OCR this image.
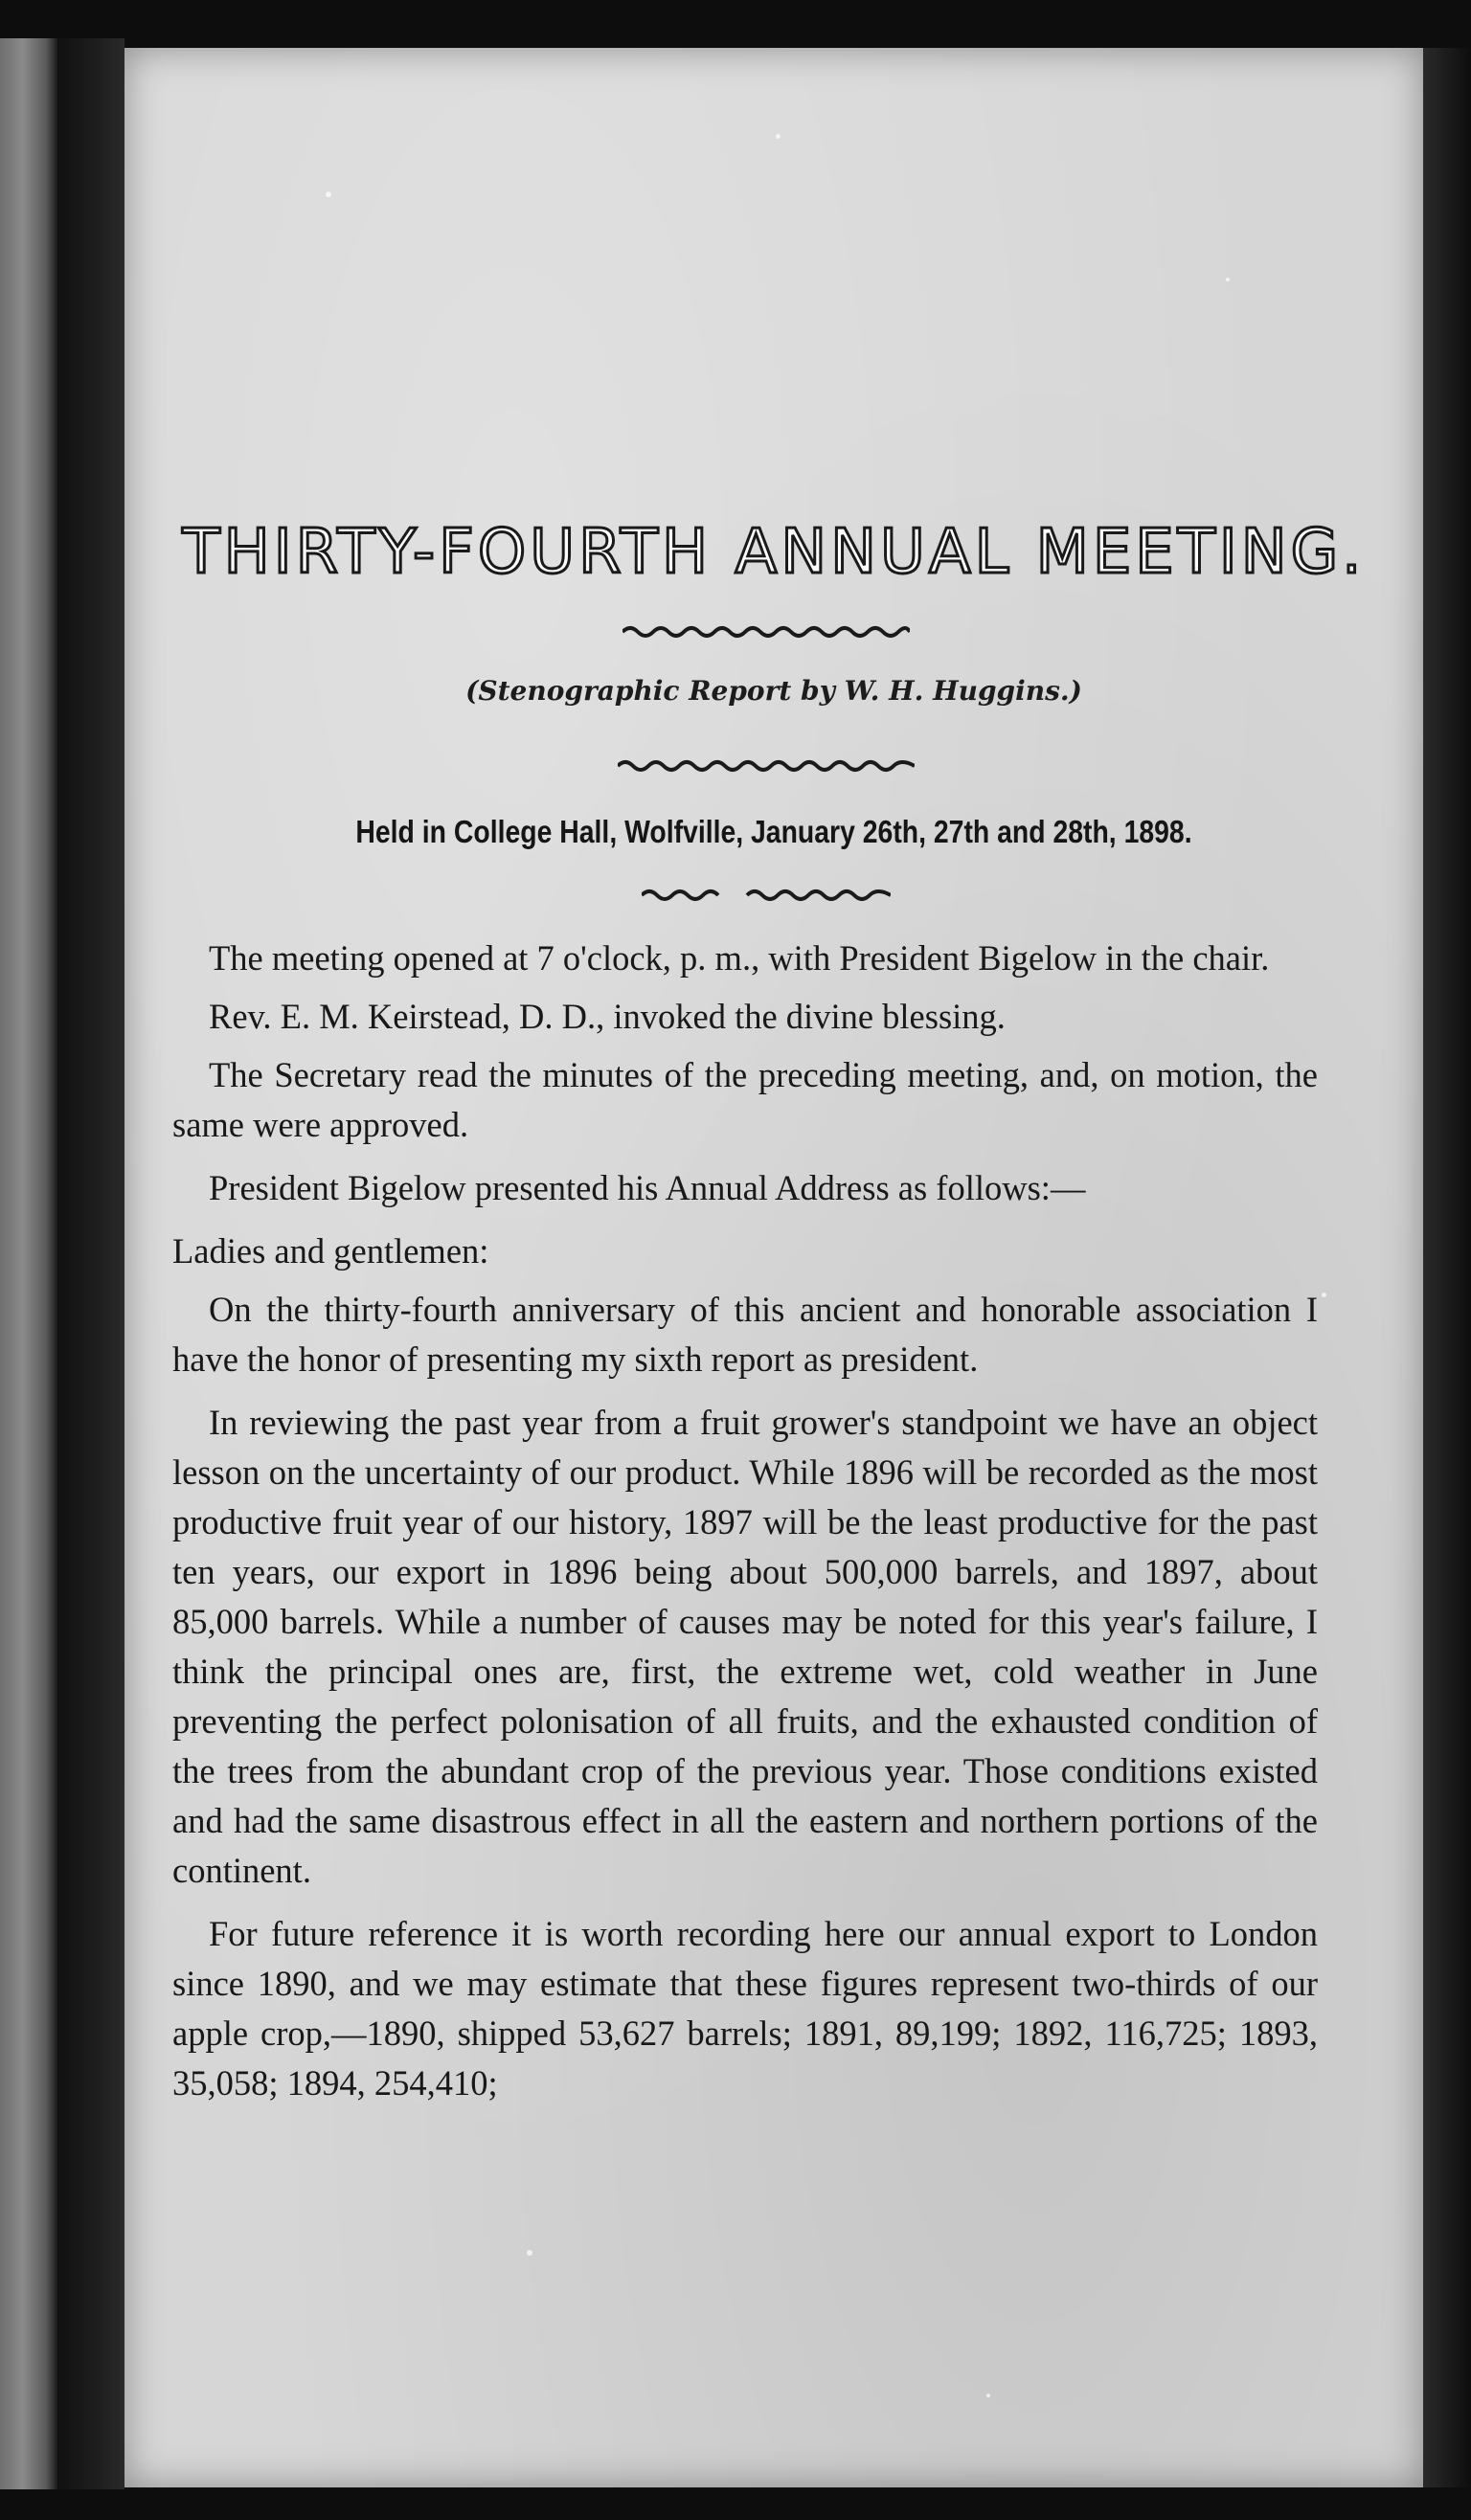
THIRTY-FOURTH ANNUAL MEETING.

(Stenographic Report by W. H. Huggins.)

Held in College Hall, Wolfville, January 26th, 27th and 28th, 1898.

The meeting opened at 7 o'clock, p. m., with President Bigelow in the chair.

Rev. E. M. Keirstead, D. D., invoked the divine blessing.

The Secretary read the minutes of the preceding meeting, and, on motion, the same were approved.

President Bigelow presented his Annual Address as follows:—

Ladies and gentlemen:

On the thirty-fourth anniversary of this ancient and honorable association I have the honor of presenting my sixth report as president.

In reviewing the past year from a fruit grower's standpoint we have an object lesson on the uncertainty of our product. While 1896 will be recorded as the most productive fruit year of our history, 1897 will be the least productive for the past ten years, our export in 1896 being about 500,000 barrels, and 1897, about 85,000 barrels. While a number of causes may be noted for this year's failure, I think the principal ones are, first, the extreme wet, cold weather in June preventing the perfect polonisation of all fruits, and the exhausted condition of the trees from the abundant crop of the previous year. Those conditions existed and had the same disastrous effect in all the eastern and northern portions of the continent.

For future reference it is worth recording here our annual export to London since 1890, and we may estimate that these figures represent two-thirds of our apple crop,—1890, shipped 53,627 barrels; 1891, 89,199; 1892, 116,725; 1893, 35,058; 1894, 254,410;
